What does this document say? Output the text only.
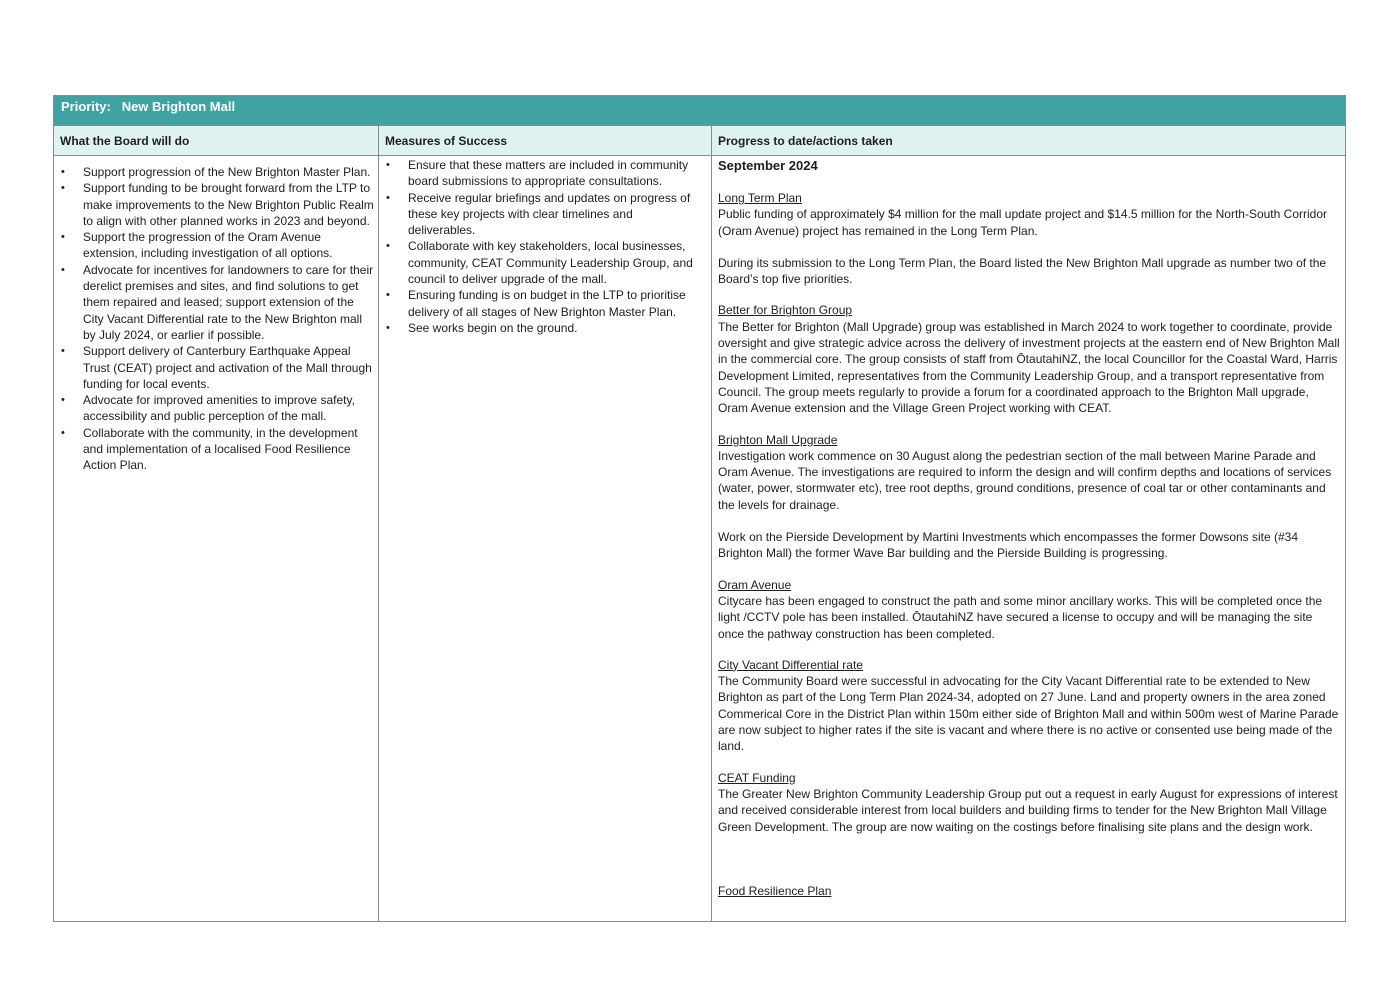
Priority: New Brighton Mall
What the Board will do	Measures of Success	Progress to date/actions taken
• Support progression of the New Brighton Master Plan.
• Support funding to be brought forward from the LTP to make improvements to the New Brighton Public Realm to align with other planned works in 2023 and beyond.
• Support the progression of the Oram Avenue extension, including investigation of all options.
• Advocate for incentives for landowners to care for their derelict premises and sites, and find solutions to get them repaired and leased; support extension of the City Vacant Differential rate to the New Brighton mall by July 2024, or earlier if possible.
• Support delivery of Canterbury Earthquake Appeal Trust (CEAT) project and activation of the Mall through funding for local events.
• Advocate for improved amenities to improve safety, accessibility and public perception of the mall.
• Collaborate with the community, in the development and implementation of a localised Food Resilience Action Plan.
• Ensure that these matters are included in community board submissions to appropriate consultations.
• Receive regular briefings and updates on progress of these key projects with clear timelines and deliverables.
• Collaborate with key stakeholders, local businesses, community, CEAT Community Leadership Group, and council to deliver upgrade of the mall.
• Ensuring funding is on budget in the LTP to prioritise delivery of all stages of New Brighton Master Plan.
• See works begin on the ground.

September 2024

Long Term Plan
Public funding of approximately $4 million for the mall update project and $14.5 million for the North-South Corridor (Oram Avenue) project has remained in the Long Term Plan.
During its submission to the Long Term Plan, the Board listed the New Brighton Mall upgrade as number two of the Board’s top five priorities.
Better for Brighton Group
The Better for Brighton (Mall Upgrade) group was established in March 2024 to work together to coordinate, provide oversight and give strategic advice across the delivery of investment projects at the eastern end of New Brighton Mall in the commercial core. The group consists of staff from ŌtautahiNZ, the local Councillor for the Coastal Ward, Harris Development Limited, representatives from the Community Leadership Group, and a transport representative from Council. The group meets regularly to provide a forum for a coordinated approach to the Brighton Mall upgrade, Oram Avenue extension and the Village Green Project working with CEAT.
Brighton Mall Upgrade
Investigation work commence on 30 August along the pedestrian section of the mall between Marine Parade and Oram Avenue. The investigations are required to inform the design and will confirm depths and locations of services (water, power, stormwater etc), tree root depths, ground conditions, presence of coal tar or other contaminants and the levels for drainage.
Work on the Pierside Development by Martini Investments which encompasses the former Dowsons site (#34 Brighton Mall) the former Wave Bar building and the Pierside Building is progressing.
Oram Avenue
Citycare has been engaged to construct the path and some minor ancillary works. This will be completed once the light /CCTV pole has been installed. ŌtautahiNZ have secured a license to occupy and will be managing the site once the pathway construction has been completed.
City Vacant Differential rate
The Community Board were successful in advocating for the City Vacant Differential rate to be extended to New Brighton as part of the Long Term Plan 2024-34, adopted on 27 June. Land and property owners in the area zoned Commerical Core in the District Plan within 150m either side of Brighton Mall and within 500m west of Marine Parade are now subject to higher rates if the site is vacant and where there is no active or consented use being made of the land.
CEAT Funding
The Greater New Brighton Community Leadership Group put out a request in early August for expressions of interest and received considerable interest from local builders and building firms to tender for the New Brighton Mall Village Green Development. The group are now waiting on the costings before finalising site plans and the design work.
Food Resilience Plan
